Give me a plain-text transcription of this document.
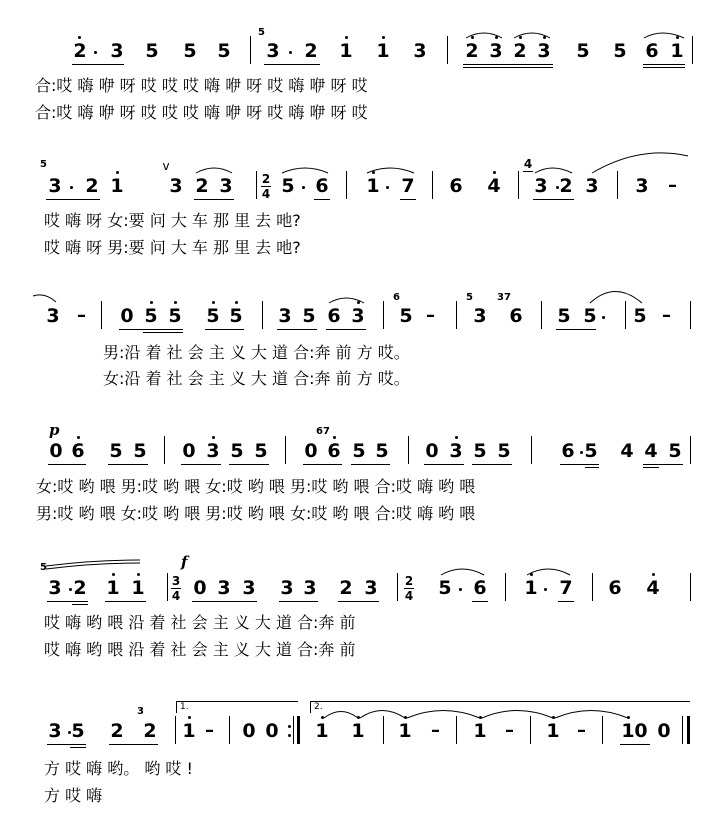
2 3 5 5 5
5
3 2 1 1 3 2 3 2 3 5 5 6 1
合:哎 嗨 咿 呀 哎 哎 哎 嗨 咿 呀 哎 嗨 咿 呀 哎
合:哎 嗨 咿 呀 哎 哎 哎 嗨 咿 呀 哎 嗨 咿 呀 哎
5
3 2 1
v
3 2 3 2
4 5 6 1 7 6 4
4
3 2 3 3 –
哎 嗨 呀 女:要 问 大 车 那 里 去 吔?
哎 嗨 呀 男:要 问 大 车 那 里 去 吔?
3 – 0 5 5 5 5 3 5 6 3
6
5 –
5
3
37
6 5 5 5 –
男:沿 着 社 会 主 义 大 道 合:奔 前 方 哎。
女:沿 着 社 会 主 义 大 道 合:奔 前 方 哎。
p
0 6 5 5 0 3 5 5
67
0 6 5 5 0 3 5 5	6 5 4 4 5
女:哎 哟 喂 男:哎 哟 喂 女:哎 哟 喂 男:哎 哟 喂 合:哎 嗨 哟 喂
男:哎 哟 喂 女:哎 哟 喂 男:哎 哟 喂 女:哎 哟 喂 合:哎 嗨 哟 喂
5
3 2 1 1
f
3
4 0 3 3 3 3 2 3 2
4 5 6 1 7 6 4
哎 嗨 哟 喂 沿 着 社 会 主 义 大 道 合:奔 前
哎 嗨 哟 喂 沿 着 社 会 主 义 大 道 合:奔 前
3 5 2
3
2
1.
1 – 0 0
2.
1 1 1 – 1 – 1 – 1 0 0
方 哎 嗨 哟。 哟 哎 !
方 哎 嗨
